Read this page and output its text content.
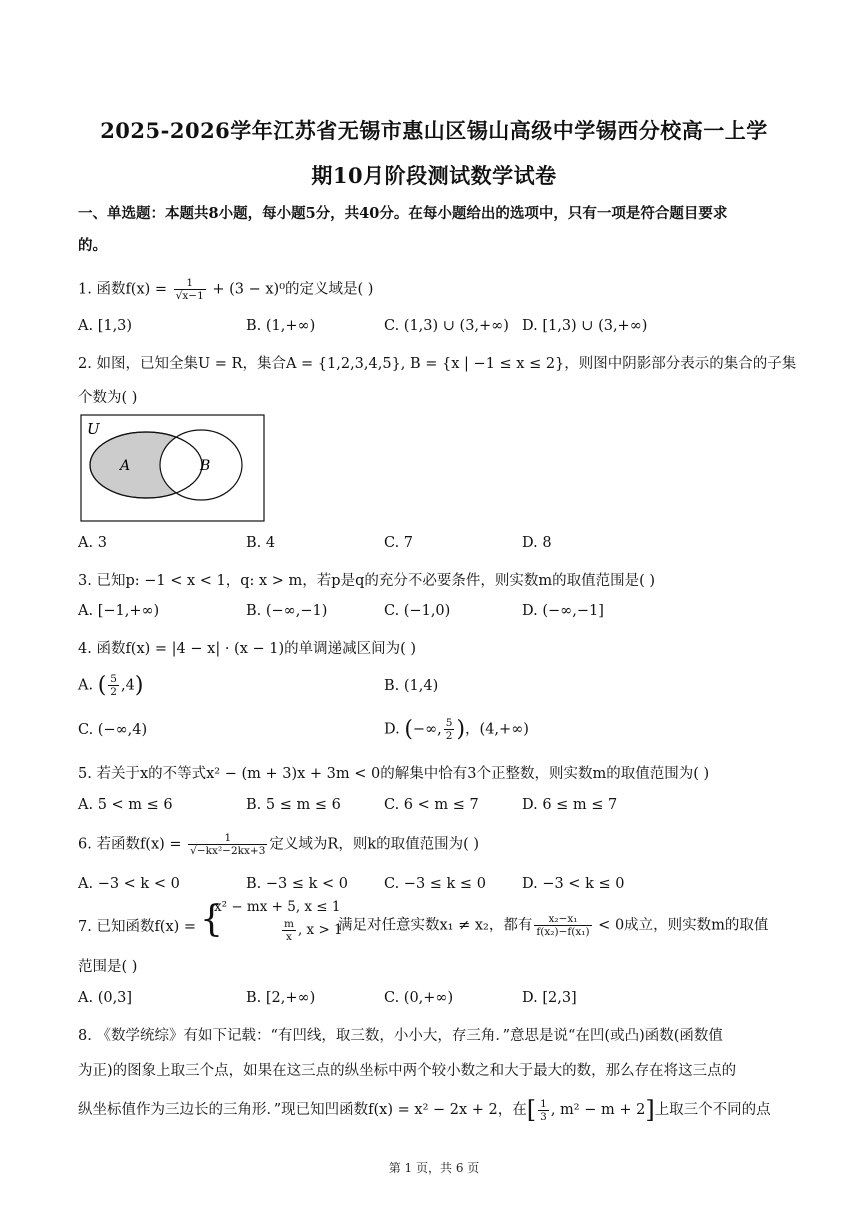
2025-2026学年江苏省无锡市惠山区锡山高级中学锡西分校高一上学
期10月阶段测试数学试卷
一、单选题：本题共8小题，每小题5分，共40分。在每小题给出的选项中，只有一项是符合题目要求
的。
1. 函数$f(x) = \frac{1}{√x-1} + (3 - x)^0$的定义域是( )
A. [1,3)	B. (1,+∞)	C. (1,3) ∪ (3,+∞) D. [1,3) ∪ (3,+∞)
2. 如图，已知全集U = R，集合A = {1,2,3,4,5}, B = {x | −1 ≤ x ≤ 2}，则图中阴影部分表示的集合的子集
个数为( )
U
A	B
A. 3	B. 4	C. 7	D. 8
3. 已知p: −1 < x < 1，q: x > m，若p是q的充分不必要条件，则实数m的取值范围是( )
A. [−1,+∞)	B. (−∞,−1)	C. (−1,0)	D. (−∞,−1]
4. 函数f(x) = |4 − x| · (x − 1)的单调递减区间为( )
A. ( $\frac{5}{2} ,4$)	B. (1,4)
C. (−∞,4)	D. (−∞, $\frac{5}{2}$ )，(4,+∞)
5. 若关于x的不等式x² − (m + 3)x + 3m < 0的解集中恰有3个正整数，则实数m的取值范围为( )
A. 5 < m ≤ 6	B. 5 ≤ m ≤ 6	C. 6 < m ≤ 7	D. 6 ≤ m ≤ 7
6. 若函数$f(x) = \frac{1}{\text{√−kx²−2kx+3}}$ 定义域为R，则k的取值范围为( )
A. −3 < k < 0	B. −3 ≤ k < 0 C. −3 ≤ k ≤ 0 D. −3 < k ≤ 0
7. 已知函数f(x) = {
x² − mx + 5, x ≤ 1
$\frac{m}{x}$ , x > 1
满足对任意实数x₁ ≠ x₂，都有 $\frac{\text{x₂−x₁}}{\text{f(x₂)−f(x₁)}} < 0$成立，则实数m的取值
范围是( )
A. (0,3]	B. [2,+∞)	C. (0,+∞)	D. [2,3]
8. 《数学统综》有如下记载：“有凹线，取三数，小小大，存三角．”意思是说“在凹(或凸)函数(函数值
为正)的图象上取三个点，如果在这三点的纵坐标中两个较小数之和大于最大的数，那么存在将这三点的
纵坐标值作为三边长的三角形．”现已知凹函数f(x) = x² − 2x + 2，在[ $\frac{1}{3}$ , m² − m + 2]上取三个不同的点
第 1 页，共 6 页
